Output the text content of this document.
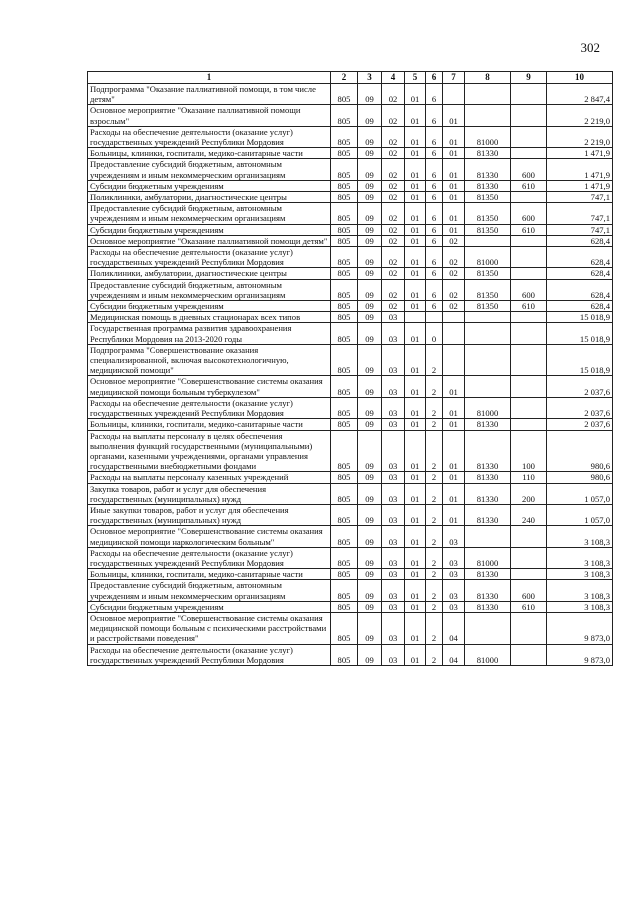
302
1	2	3	4	5	6	7	8	9	10
Подпрограмма "Оказание паллиативной помощи, в том числе детям"	805	09	02	01	6				2 847,4
Основное мероприятие "Оказание паллиативной помощи взрослым"	805	09	02	01	6	01			2 219,0
Расходы на обеспечение деятельности (оказание услуг) государственных учреждений Республики Мордовия	805	09	02	01	6	01	81000		2 219,0
Больницы, клиники, госпитали, медико-санитарные части	805	09	02	01	6	01	81330		1 471,9
Предоставление субсидий бюджетным, автономным учреждениям и иным некоммерческим организациям	805	09	02	01	6	01	81330	600	1 471,9
Субсидии бюджетным учреждениям	805	09	02	01	6	01	81330	610	1 471,9
Поликлиники, амбулатории, диагностические центры	805	09	02	01	6	01	81350		747,1
Предоставление субсидий бюджетным, автономным учреждениям и иным некоммерческим организациям	805	09	02	01	6	01	81350	600	747,1
Субсидии бюджетным учреждениям	805	09	02	01	6	01	81350	610	747,1
Основное мероприятие "Оказание паллиативной помощи детям"	805	09	02	01	6	02			628,4
Расходы на обеспечение деятельности (оказание услуг) государственных учреждений Республики Мордовия	805	09	02	01	6	02	81000		628,4
Поликлиники, амбулатории, диагностические центры	805	09	02	01	6	02	81350		628,4
Предоставление субсидий бюджетным, автономным учреждениям и иным некоммерческим организациям	805	09	02	01	6	02	81350	600	628,4
Субсидии бюджетным учреждениям	805	09	02	01	6	02	81350	610	628,4
Медицинская помощь в дневных стационарах всех типов	805	09	03						15 018,9
Государственная программа развития здравоохранения Республики Мордовия на 2013-2020 годы	805	09	03	01	0				15 018,9
Подпрограмма "Совершенствование оказания специализированной, включая высокотехнологичную, медицинской помощи"	805	09	03	01	2				15 018,9
Основное мероприятие "Совершенствование системы оказания медицинской помощи больным туберкулезом"	805	09	03	01	2	01			2 037,6
Расходы на обеспечение деятельности (оказание услуг) государственных учреждений Республики Мордовия	805	09	03	01	2	01	81000		2 037,6
Больницы, клиники, госпитали, медико-санитарные части	805	09	03	01	2	01	81330		2 037,6
Расходы на выплаты персоналу в целях обеспечения выполнения функций государственными (муниципальными) органами, казенными учреждениями, органами управления государственными внебюджетными фондами	805	09	03	01	2	01	81330	100	980,6
Расходы на выплаты персоналу казенных учреждений	805	09	03	01	2	01	81330	110	980,6
Закупка товаров, работ и услуг для обеспечения государственных (муниципальных) нужд	805	09	03	01	2	01	81330	200	1 057,0
Иные закупки товаров, работ и услуг для обеспечения государственных (муниципальных) нужд	805	09	03	01	2	01	81330	240	1 057,0
Основное мероприятие "Совершенствование системы оказания медицинской помощи наркологическим больным"	805	09	03	01	2	03			3 108,3
Расходы на обеспечение деятельности (оказание услуг) государственных учреждений Республики Мордовия	805	09	03	01	2	03	81000		3 108,3
Больницы, клиники, госпитали, медико-санитарные части	805	09	03	01	2	03	81330		3 108,3
Предоставление субсидий бюджетным, автономным учреждениям и иным некоммерческим организациям	805	09	03	01	2	03	81330	600	3 108,3
Субсидии бюджетным учреждениям	805	09	03	01	2	03	81330	610	3 108,3
Основное мероприятие "Совершенствование системы оказания медицинской помощи больным с психическими расстройствами и расстройствами поведения"	805	09	03	01	2	04			9 873,0
Расходы на обеспечение деятельности (оказание услуг) государственных учреждений Республики Мордовия	805	09	03	01	2	04	81000		9 873,0
